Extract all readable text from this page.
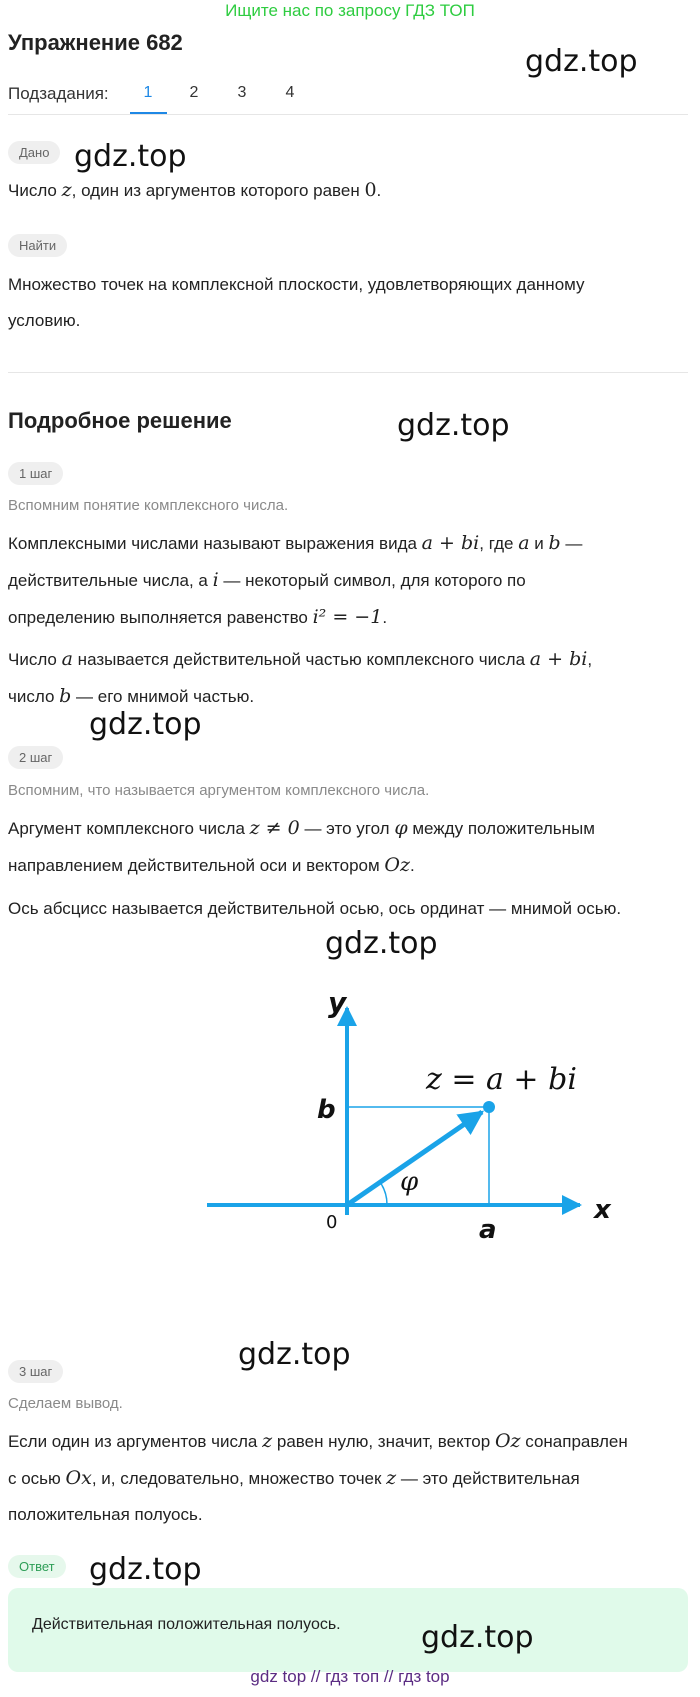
Ищите нас по запросу ГДЗ ТОП
Упражнение 682
gdz.top
Подзадания:	1	2	3	4
Дано gdz.top
Число z, один из аргументов которого равен 0.
Найти
Множество точек на комплексной плоскости, удовлетворяющих данному
условию.
Подробное решение	gdz.top
1 шаг
Вспомним понятие комплексного числа.
Комплексными числами называют выражения вида a + bi, где a и b —
действительные числа, а i — некоторый символ, для которого по
определению выполняется равенство i² = −1.
Число a называется действительной частью комплексного числа a + bi,
число b — его мнимой частью.
gdz.top
2 шаг
Вспомним, что называется аргументом комплексного числа.
Аргумент комплексного числа z ≠ 0 — это угол φ между положительным
направлением действительной оси и вектором Oz.
Ось абсцисс называется действительной осью, ось ординат — мнимой осью.
gdz.top
y
x
0	a
b
φ
z = a + bi
gdz.top
3 шаг
Сделаем вывод.
Если один из аргументов числа z равен нулю, значит, вектор Oz сонаправлен
с осью Ox, и, следовательно, множество точек z — это действительная
положительная полуось.
Ответ	gdz.top
Действительная положительная полуось.	gdz.top
gdz top // гдз топ // гдз top
